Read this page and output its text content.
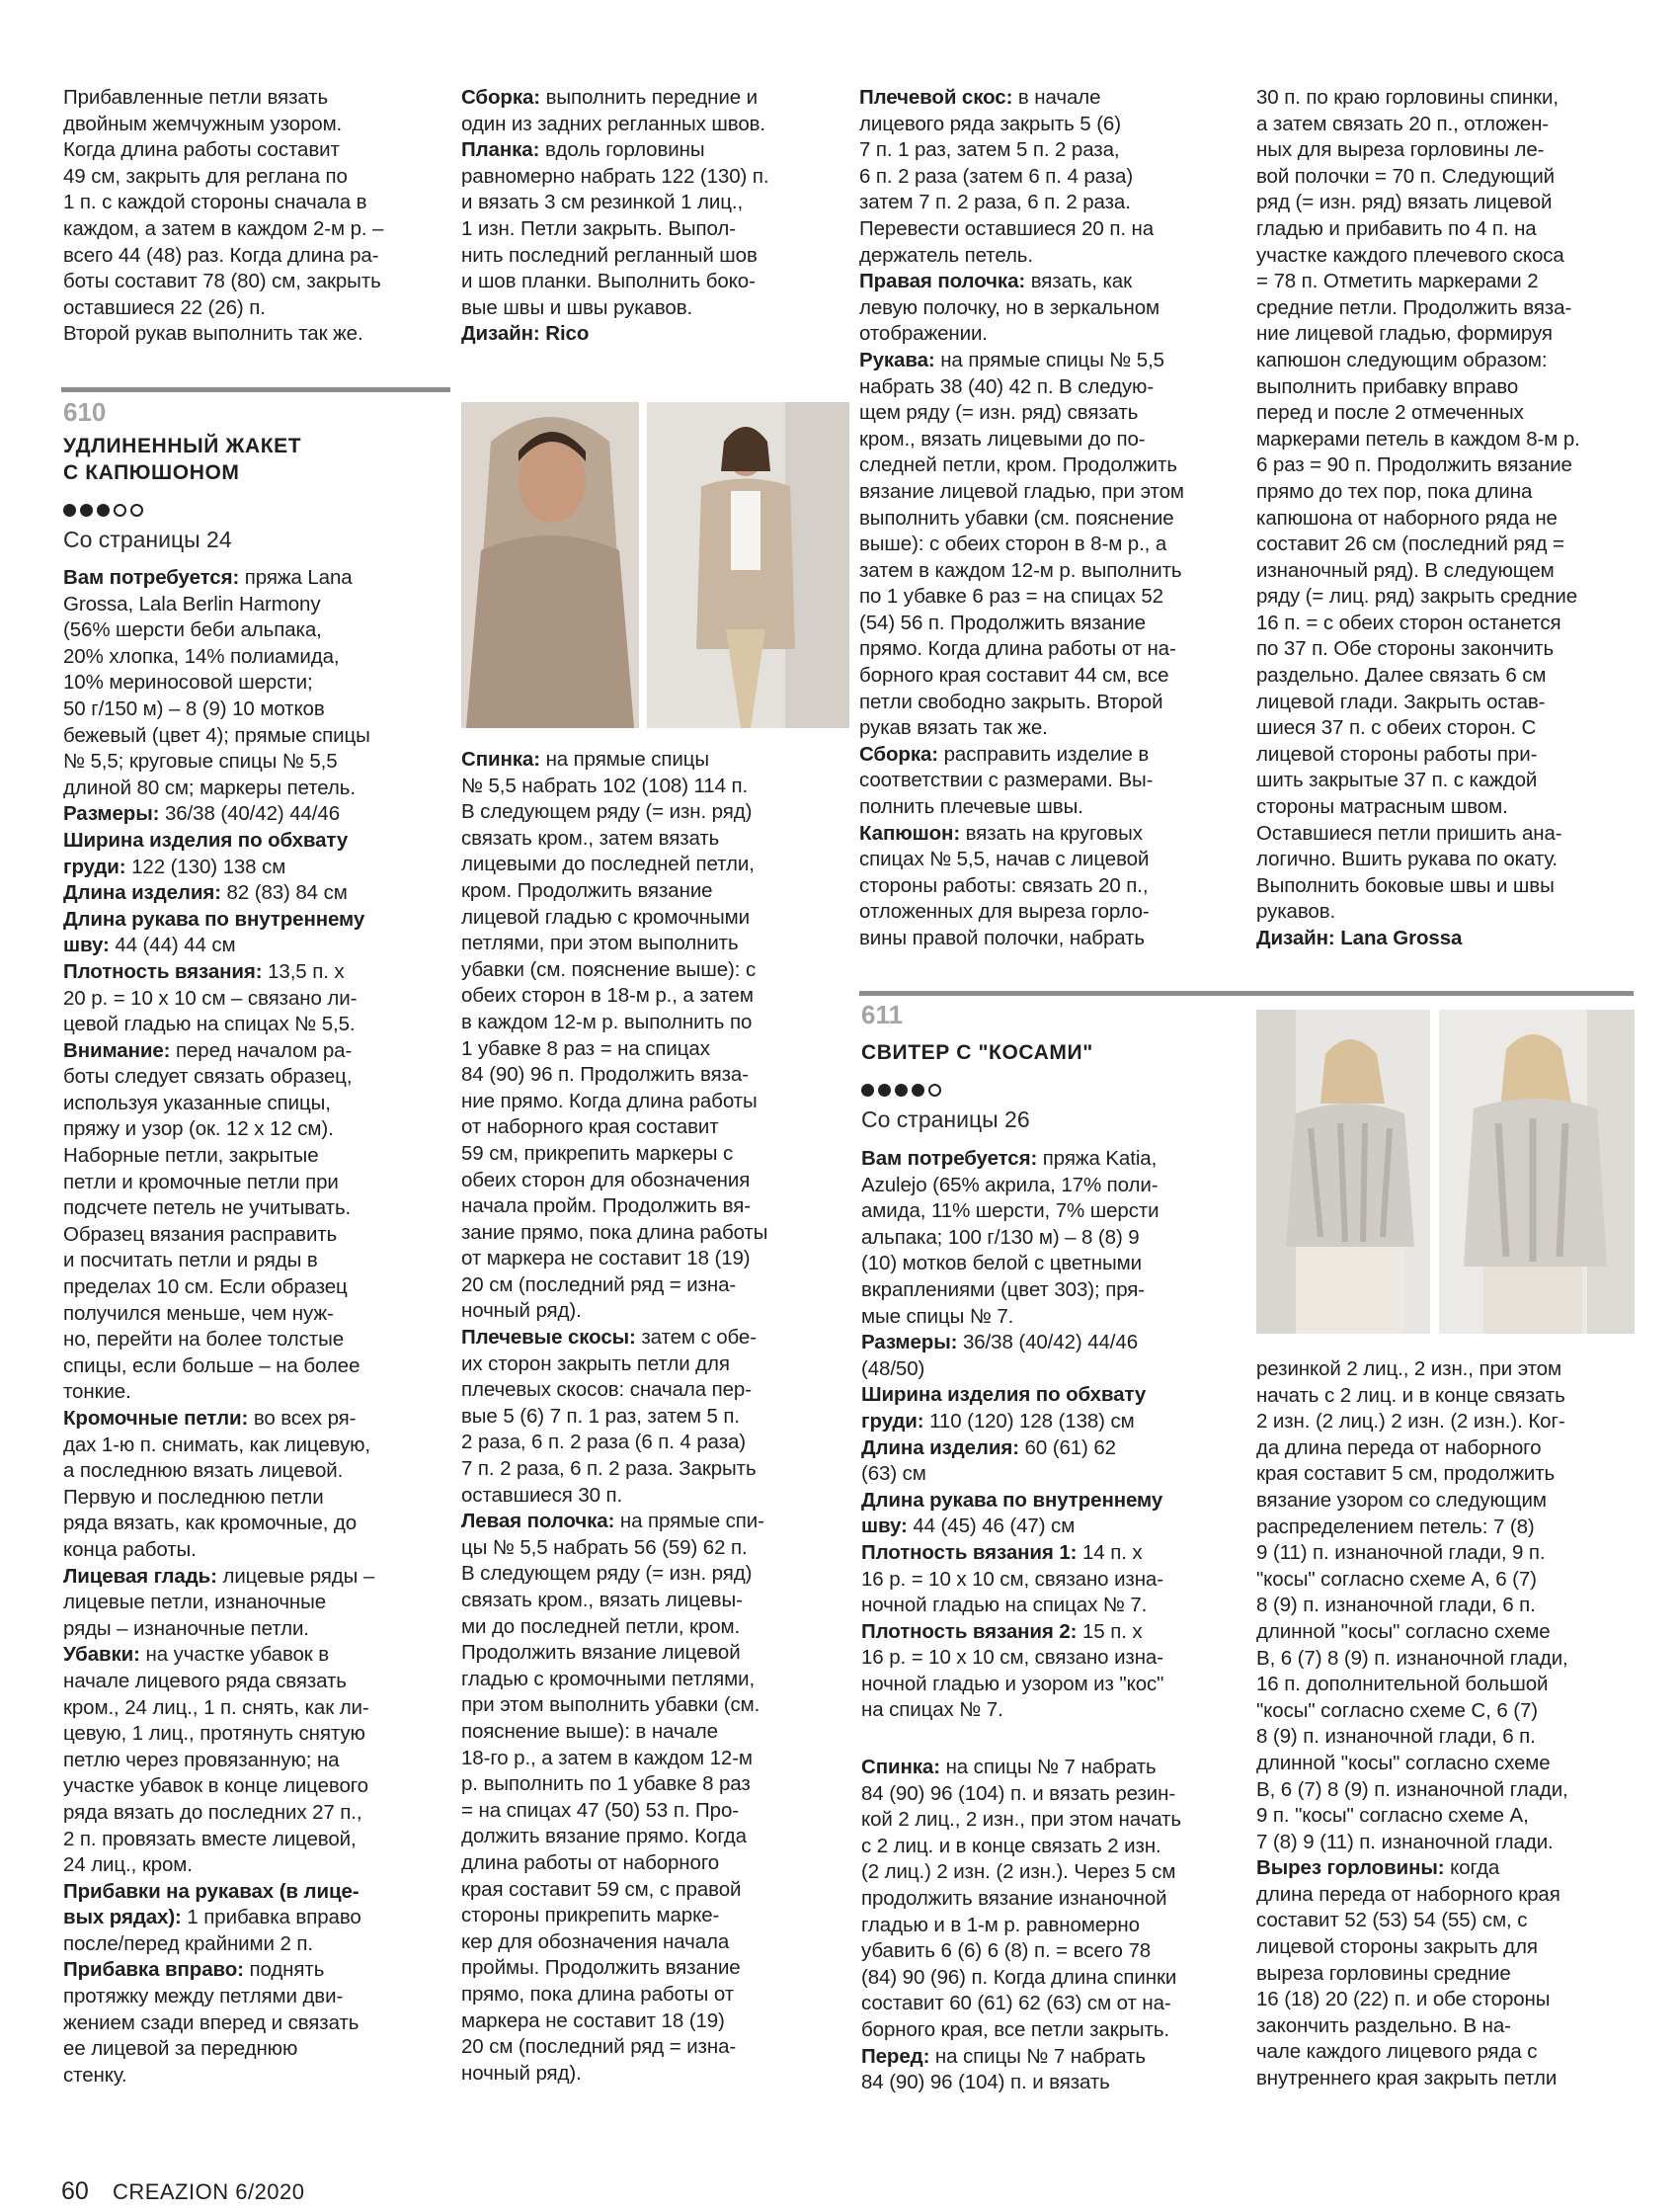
Прибавленные петли вязать
двойным жемчужным узором.
Когда длина работы составит
49 см, закрыть для реглана по
1 п. с каждой стороны сначала в
каждом, а затем в каждом 2-м р. –
всего 44 (48) раз. Когда длина ра-
боты составит 78 (80) см, закрыть
оставшиеся 22 (26) п.
Второй рукав выполнить так же.
Сборка: выполнить передние и
один из задних регланных швов.
Планка: вдоль горловины
равномерно набрать 122 (130) п.
и вязать 3 см резинкой 1 лиц.,
1 изн. Петли закрыть. Выпол-
нить последний регланный шов
и шов планки. Выполнить боко-
вые швы и швы рукавов.
Дизайн: Rico
Плечевой скос: в начале
лицевого ряда закрыть 5 (6)
7 п. 1 раз, затем 5 п. 2 раза,
6 п. 2 раза (затем 6 п. 4 раза)
затем 7 п. 2 раза, 6 п. 2 раза.
Перевести оставшиеся 20 п. на
держатель петель.
Правая полочка: вязать, как
левую полочку, но в зеркальном
отображении.
Рукава: на прямые спицы № 5,5
набрать 38 (40) 42 п. В следую-
щем ряду (= изн. ряд) связать
кром., вязать лицевыми до по-
следней петли, кром. Продолжить
вязание лицевой гладью, при этом
выполнить убавки (см. пояснение
выше): с обеих сторон в 8-м р., а
затем в каждом 12-м р. выполнить
по 1 убавке 6 раз = на спицах 52
(54) 56 п. Продолжить вязание
прямо. Когда длина работы от на-
борного края составит 44 см, все
петли свободно закрыть. Второй
рукав вязать так же.
Сборка: расправить изделие в
соответствии с размерами. Вы-
полнить плечевые швы.
Капюшон: вязать на круговых
спицах № 5,5, начав с лицевой
стороны работы: связать 20 п.,
отложенных для выреза горло-
вины правой полочки, набрать
30 п. по краю горловины спинки,
а затем связать 20 п., отложен-
ных для выреза горловины ле-
вой полочки = 70 п. Следующий
ряд (= изн. ряд) вязать лицевой
гладью и прибавить по 4 п. на
участке каждого плечевого скоса
= 78 п. Отметить маркерами 2
средние петли. Продолжить вяза-
ние лицевой гладью, формируя
капюшон следующим образом:
выполнить прибавку вправо
перед и после 2 отмеченных
маркерами петель в каждом 8-м р.
6 раз = 90 п. Продолжить вязание
прямо до тех пор, пока длина
капюшона от наборного ряда не
составит 26 см (последний ряд =
изнаночный ряд). В следующем
ряду (= лиц. ряд) закрыть средние
16 п. = с обеих сторон останется
по 37 п. Обе стороны закончить
раздельно. Далее связать 6 см
лицевой глади. Закрыть остав-
шиеся 37 п. с обеих сторон. С
лицевой стороны работы при-
шить закрытые 37 п. с каждой
стороны матрасным швом.
Оставшиеся петли пришить ана-
логично. Вшить рукава по окату.
Выполнить боковые швы и швы
рукавов.
Дизайн: Lana Grossa
610
УДЛИНЕННЫЙ ЖАКЕТ
С КАПЮШОНОМ
Со страницы 24
Вам потребуется: пряжа Lana
Grossa, Lala Berlin Harmony
(56% шерсти беби альпака,
20% хлопка, 14% полиамида,
10% мериносовой шерсти;
50 г/150 м) – 8 (9) 10 мотков
бежевый (цвет 4); прямые спицы
№ 5,5; круговые спицы № 5,5
длиной 80 см; маркеры петель.
Размеры: 36/38 (40/42) 44/46
Ширина изделия по обхвату
груди: 122 (130) 138 см
Длина изделия: 82 (83) 84 см
Длина рукава по внутреннему
шву: 44 (44) 44 см
Плотность вязания: 13,5 п. х
20 р. = 10 х 10 см – связано ли-
цевой гладью на спицах № 5,5.
Внимание: перед началом ра-
боты следует связать образец,
используя указанные спицы,
пряжу и узор (ок. 12 х 12 см).
Наборные петли, закрытые
петли и кромочные петли при
подсчете петель не учитывать.
Образец вязания расправить
и посчитать петли и ряды в
пределах 10 см. Если образец
получился меньше, чем нуж-
но, перейти на более толстые
спицы, если больше – на более
тонкие.
Кромочные петли: во всех ря-
дах 1-ю п. снимать, как лицевую,
а последнюю вязать лицевой.
Первую и последнюю петли
ряда вязать, как кромочные, до
конца работы.
Лицевая гладь: лицевые ряды –
лицевые петли, изнаночные
ряды – изнаночные петли.
Убавки: на участке убавок в
начале лицевого ряда связать
кром., 24 лиц., 1 п. снять, как ли-
цевую, 1 лиц., протянуть снятую
петлю через провязанную; на
участке убавок в конце лицевого
ряда вязать до последних 27 п.,
2 п. провязать вместе лицевой,
24 лиц., кром.
Прибавки на рукавах (в лице-
вых рядах): 1 прибавка вправо
после/перед крайними 2 п.
Прибавка вправо: поднять
протяжку между петлями дви-
жением сзади вперед и связать
ее лицевой за переднюю
стенку.
Спинка: на прямые спицы
№ 5,5 набрать 102 (108) 114 п.
В следующем ряду (= изн. ряд)
связать кром., затем вязать
лицевыми до последней петли,
кром. Продолжить вязание
лицевой гладью с кромочными
петлями, при этом выполнить
убавки (см. пояснение выше): с
обеих сторон в 18-м р., а затем
в каждом 12-м р. выполнить по
1 убавке 8 раз = на спицах
84 (90) 96 п. Продолжить вяза-
ние прямо. Когда длина работы
от наборного края составит
59 см, прикрепить маркеры с
обеих сторон для обозначения
начала пройм. Продолжить вя-
зание прямо, пока длина работы
от маркера не составит 18 (19)
20 см (последний ряд = изна-
ночный ряд).
Плечевые скосы: затем с обе-
их сторон закрыть петли для
плечевых скосов: сначала пер-
вые 5 (6) 7 п. 1 раз, затем 5 п.
2 раза, 6 п. 2 раза (6 п. 4 раза)
7 п. 2 раза, 6 п. 2 раза. Закрыть
оставшиеся 30 п.
Левая полочка: на прямые спи-
цы № 5,5 набрать 56 (59) 62 п.
В следующем ряду (= изн. ряд)
связать кром., вязать лицевы-
ми до последней петли, кром.
Продолжить вязание лицевой
гладью с кромочными петлями,
при этом выполнить убавки (см.
пояснение выше): в начале
18-го р., а затем в каждом 12-м
р. выполнить по 1 убавке 8 раз
= на спицах 47 (50) 53 п. Про-
должить вязание прямо. Когда
длина работы от наборного
края составит 59 см, с правой
стороны прикрепить марке-
кер для обозначения начала
проймы. Продолжить вязание
прямо, пока длина работы от
маркера не составит 18 (19)
20 см (последний ряд = изна-
ночный ряд).
611
СВИТЕР С "КОСАМИ"
Со страницы 26
Вам потребуется: пряжа Katia,
Azulejo (65% акрила, 17% поли-
амида, 11% шерсти, 7% шерсти
альпака; 100 г/130 м) – 8 (8) 9
(10) мотков белой с цветными
вкраплениями (цвет 303); пря-
мые спицы № 7.
Размеры: 36/38 (40/42) 44/46
(48/50)
Ширина изделия по обхвату
груди: 110 (120) 128 (138) см
Длина изделия: 60 (61) 62
(63) см
Длина рукава по внутреннему
шву: 44 (45) 46 (47) см
Плотность вязания 1: 14 п. х
16 р. = 10 х 10 см, связано изна-
ночной гладью на спицах № 7.
Плотность вязания 2: 15 п. х
16 р. = 10 х 10 см, связано изна-
ночной гладью и узором из "кос"
на спицах № 7.
Спинка: на спицы № 7 набрать
84 (90) 96 (104) п. и вязать резин-
кой 2 лиц., 2 изн., при этом начать
с 2 лиц. и в конце связать 2 изн.
(2 лиц.) 2 изн. (2 изн.). Через 5 см
продолжить вязание изнаночной
гладью и в 1-м р. равномерно
убавить 6 (6) 6 (8) п. = всего 78
(84) 90 (96) п. Когда длина спинки
составит 60 (61) 62 (63) см от на-
борного края, все петли закрыть.
Перед: на спицы № 7 набрать
84 (90) 96 (104) п. и вязать
резинкой 2 лиц., 2 изн., при этом
начать с 2 лиц. и в конце связать
2 изн. (2 лиц.) 2 изн. (2 изн.). Ког-
да длина переда от наборного
края составит 5 см, продолжить
вязание узором со следующим
распределением петель: 7 (8)
9 (11) п. изнаночной глади, 9 п.
"косы" согласно схеме А, 6 (7)
8 (9) п. изнаночной глади, 6 п.
длинной "косы" согласно схеме
В, 6 (7) 8 (9) п. изнаночной глади,
16 п. дополнительной большой
"косы" согласно схеме С, 6 (7)
8 (9) п. изнаночной глади, 6 п.
длинной "косы" согласно схеме
В, 6 (7) 8 (9) п. изнаночной глади,
9 п. "косы" согласно схеме А,
7 (8) 9 (11) п. изнаночной глади.
Вырез горловины: когда
длина переда от наборного края
составит 52 (53) 54 (55) см, с
лицевой стороны закрыть для
выреза горловины средние
16 (18) 20 (22) п. и обе стороны
закончить раздельно. В на-
чале каждого лицевого ряда с
внутреннего края закрыть петли
60 CREAZION 6/2020
